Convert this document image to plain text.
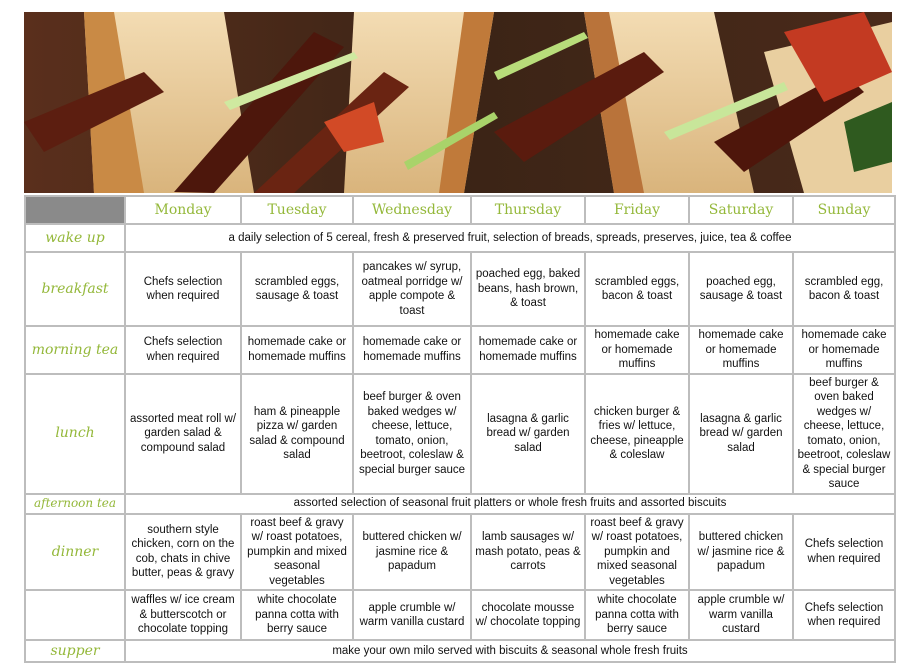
	Monday	Tuesday	Wednesday	Thursday	Friday	Saturday	Sunday
wake up	a daily selection of 5 cereal, fresh & preserved fruit, selection of breads, spreads, preserves, juice, tea & coffee						
breakfast	Chefs selection when required	scrambled eggs, sausage & toast	pancakes w/ syrup, oatmeal porridge w/ apple compote & toast	poached egg, baked beans, hash brown, & toast	scrambled eggs, bacon & toast	poached egg, sausage & toast	scrambled egg, bacon & toast
morning tea	Chefs selection when required	homemade cake or homemade muffins	homemade cake or homemade muffins	homemade cake or homemade muffins	homemade cake or homemade muffins	homemade cake or homemade muffins	homemade cake or homemade muffins
lunch	assorted meat roll w/ garden salad & compound salad	ham & pineapple pizza w/ garden salad & compound salad	beef burger & oven baked wedges w/ cheese, lettuce, tomato, onion, beetroot, coleslaw & special burger sauce	lasagna & garlic bread w/ garden salad	chicken burger & fries w/ lettuce, cheese, pineapple & coleslaw	lasagna & garlic bread w/ garden salad	beef burger & oven baked wedges w/ cheese, lettuce, tomato, onion, beetroot, coleslaw & special burger sauce
afternoon tea	assorted selection of seasonal fruit platters or whole fresh fruits and assorted biscuits						
dinner	southern style chicken, corn on the cob, chats in chive butter, peas & gravy	roast beef & gravy w/ roast potatoes, pumpkin and mixed seasonal vegetables	buttered chicken w/ jasmine rice & papadum	lamb sausages w/ mash potato, peas & carrots	roast beef & gravy w/ roast potatoes, pumpkin and mixed seasonal vegetables	buttered chicken w/ jasmine rice & papadum	Chefs selection when required
	waffles w/ ice cream & butterscotch or chocolate topping	white chocolate panna cotta with berry sauce	apple crumble w/ warm vanilla custard	chocolate mousse w/ chocolate topping	white chocolate panna cotta with berry sauce	apple crumble w/ warm vanilla custard	Chefs selection when required
supper	make your own milo served with biscuits & seasonal whole fresh fruits						
